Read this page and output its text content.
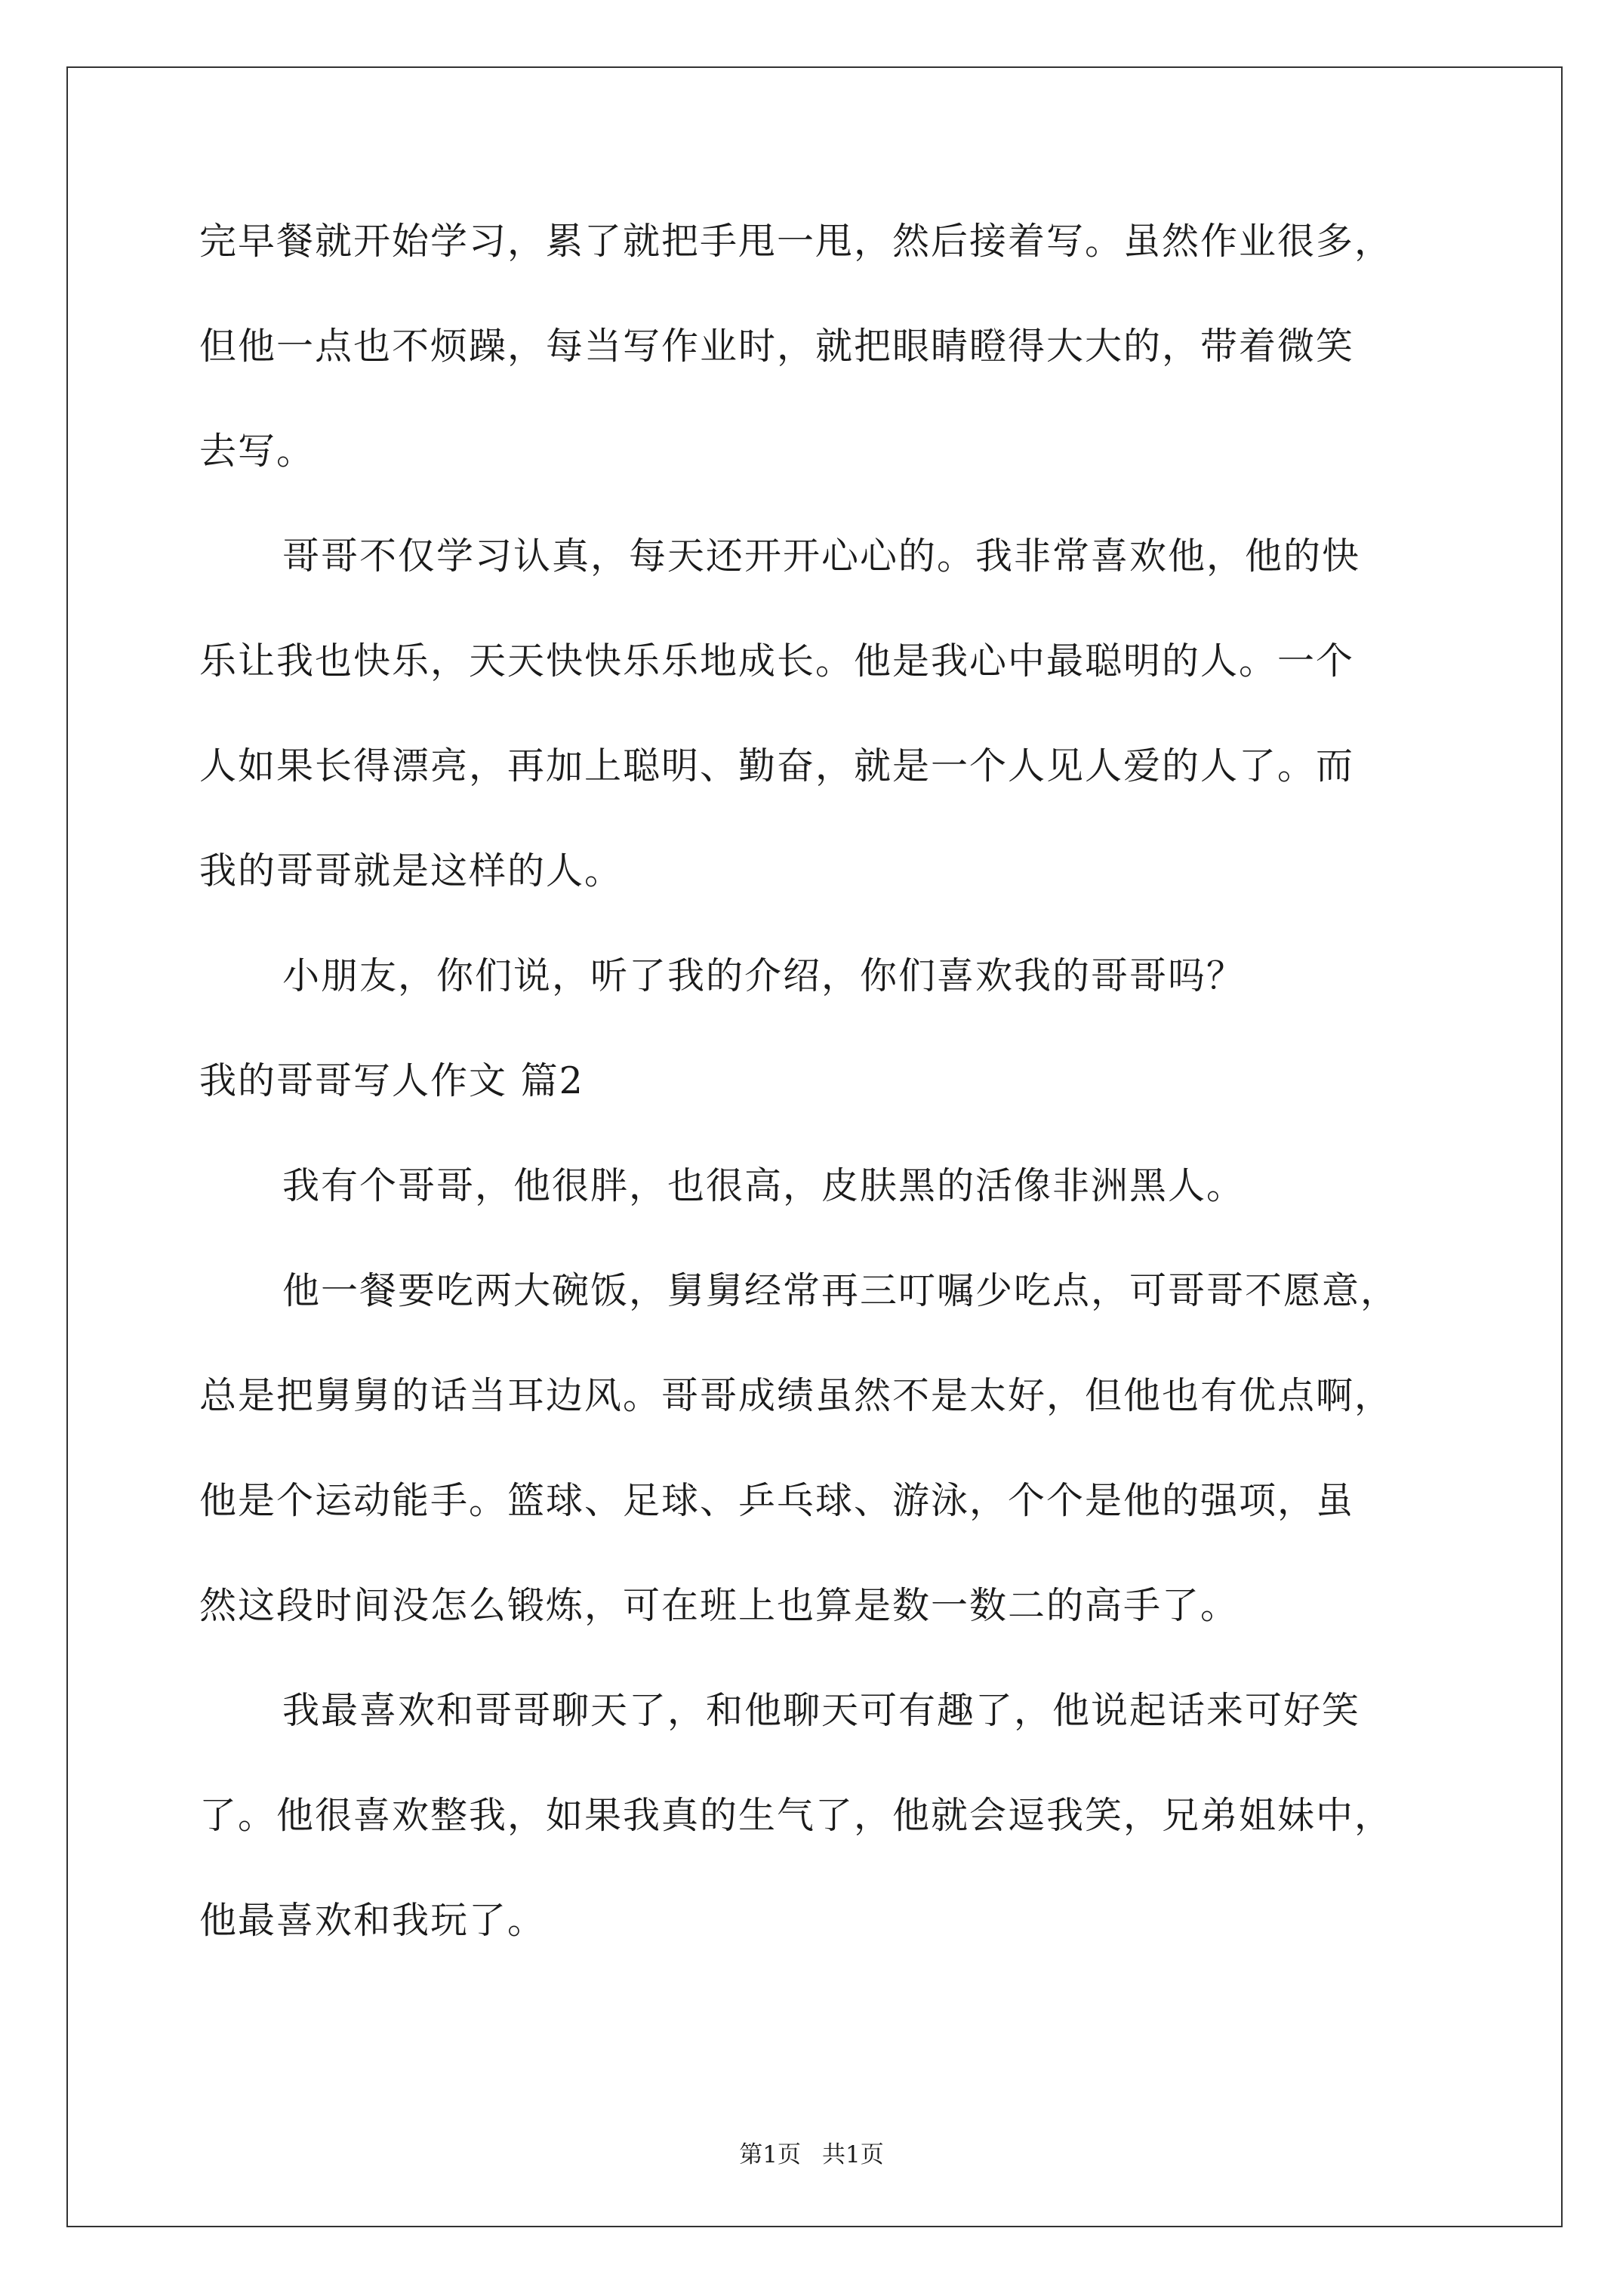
完早餐就开始学习，累了就把手甩一甩，然后接着写。虽然作业很多，
但他一点也不烦躁，每当写作业时，就把眼睛瞪得大大的，带着微笑
去写。
哥哥不仅学习认真，每天还开开心心的。我非常喜欢他，他的快
乐让我也快乐，天天快快乐乐地成长。他是我心中最聪明的人。一个
人如果长得漂亮，再加上聪明、勤奋，就是一个人见人爱的人了。而
我的哥哥就是这样的人。
小朋友，你们说，听了我的介绍，你们喜欢我的哥哥吗？
我的哥哥写人作文 篇2
我有个哥哥，他很胖，也很高，皮肤黑的活像非洲黑人。
他一餐要吃两大碗饭，舅舅经常再三叮嘱少吃点，可哥哥不愿意，
总是把舅舅的话当耳边风。哥哥成绩虽然不是太好，但他也有优点啊，
他是个运动能手。篮球、足球、乒乓球、游泳，个个是他的强项，虽
然这段时间没怎么锻炼，可在班上也算是数一数二的高手了。
我最喜欢和哥哥聊天了，和他聊天可有趣了，他说起话来可好笑
了。他很喜欢整我，如果我真的生气了，他就会逗我笑，兄弟姐妹中，
他最喜欢和我玩了。
第1页 共1页
